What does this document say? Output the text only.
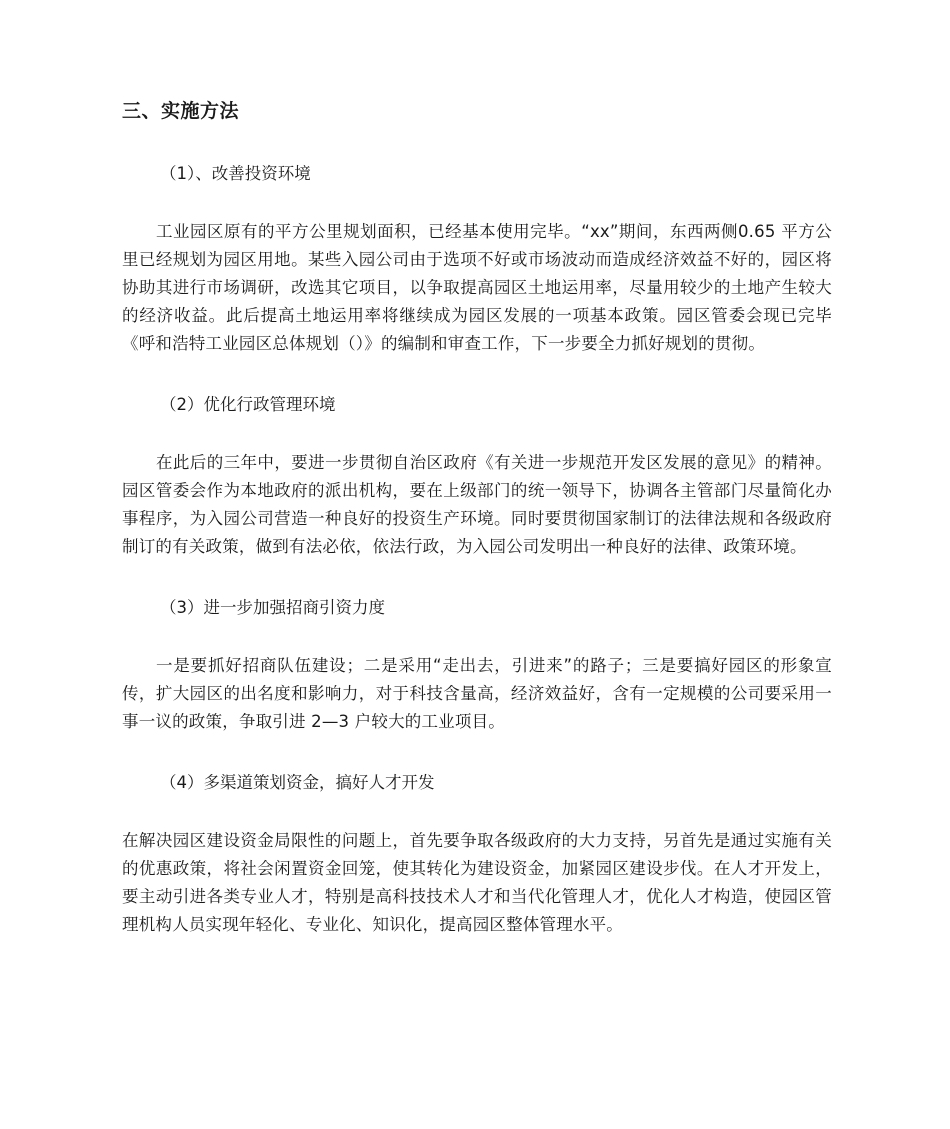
三、实施方法
（1）、改善投资环境
工业园区原有的平方公里规划面积，已经基本使用完毕。“xx”期间，东西两侧0.65 平方公里已经规划为园区用地。某些入园公司由于选项不好或市场波动而造成经济效益不好的，园区将协助其进行市场调研，改选其它项目，以争取提高园区土地运用率，尽量用较少的土地产生较大的经济收益。此后提高土地运用率将继续成为园区发展的一项基本政策。园区管委会现已完毕《呼和浩特工业园区总体规划（）》的编制和审查工作，下一步要全力抓好规划的贯彻。
（2）优化行政管理环境
在此后的三年中，要进一步贯彻自治区政府《有关进一步规范开发区发展的意见》的精神。园区管委会作为本地政府的派出机构，要在上级部门的统一领导下，协调各主管部门尽量简化办事程序，为入园公司营造一种良好的投资生产环境。同时要贯彻国家制订的法律法规和各级政府制订的有关政策，做到有法必依，依法行政，为入园公司发明出一种良好的法律、政策环境。
（3）进一步加强招商引资力度
一是要抓好招商队伍建设；二是采用“走出去，引进来”的路子；三是要搞好园区的形象宣传，扩大园区的出名度和影响力，对于科技含量高，经济效益好，含有一定规模的公司要采用一事一议的政策，争取引进 2—3 户较大的工业项目。
（4）多渠道策划资金，搞好人才开发
在解决园区建设资金局限性的问题上，首先要争取各级政府的大力支持，另首先是通过实施有关的优惠政策，将社会闲置资金回笼，使其转化为建设资金，加紧园区建设步伐。在人才开发上，要主动引进各类专业人才，特别是高科技技术人才和当代化管理人才，优化人才构造，使园区管理机构人员实现年轻化、专业化、知识化，提高园区整体管理水平。
